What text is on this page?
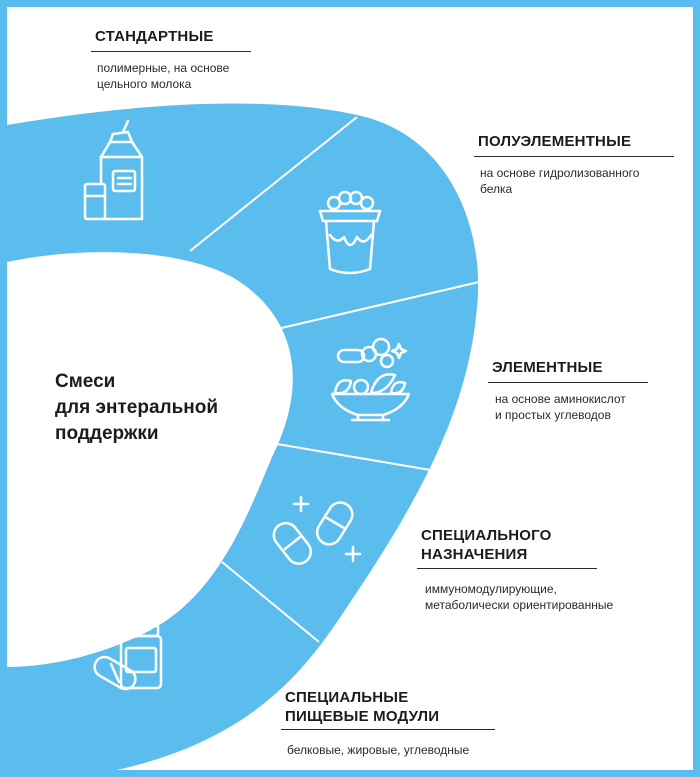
Смеси
для энтеральной
поддержки
СТАНДАРТНЫЕ
полимерные, на основе
цельного молока
ПОЛУЭЛЕМЕНТНЫЕ
на основе гидролизованного
белка
ЭЛЕМЕНТНЫЕ
на основе аминокислот
и простых углеводов
СПЕЦИАЛЬНОГО
НАЗНАЧЕНИЯ
иммуномодулирующие,
метаболически ориентированные
СПЕЦИАЛЬНЫЕ
ПИЩЕВЫЕ МОДУЛИ
белковые, жировые, углеводные
